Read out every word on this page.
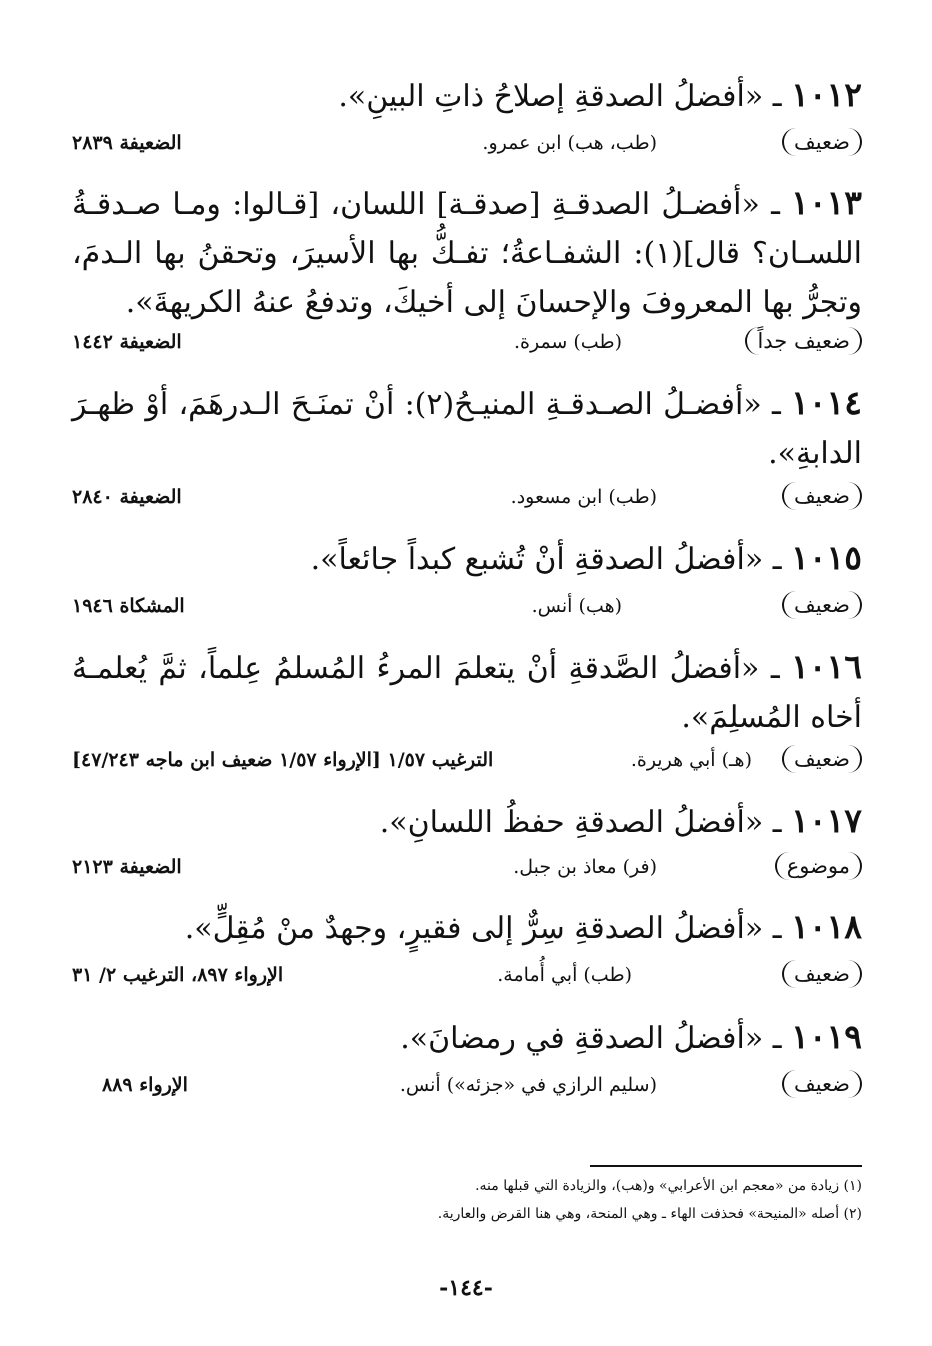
١٠١٢ ـ «أفضلُ الصدقةِ إصلاحُ ذاتِ البينِ».
ضعيف
(طب، هب) ابن عمرو.
الضعيفة ٢٨٣٩
١٠١٣ ـ «أفضـلُ الصدقـةِ [صدقـة] اللسان، [قـالوا: ومـا صـدقـةُ اللسـان؟ قال](١): الشفـاعةُ؛ تفـكُّ بها الأسيرَ، وتحقنُ بها الـدمَ، وتجرُّ بها المعروفَ والإحسانَ إلى أخيكَ، وتدفعُ عنهُ الكريهةَ».
ضعيف جداً
(طب) سمرة.
الضعيفة ١٤٤٢
١٠١٤ ـ «أفضـلُ الصـدقـةِ المنيـحُ(٢): أنْ تمنَـحَ الـدرهَمَ، أوْ ظهـرَ الدابةِ».
ضعيف
(طب) ابن مسعود.
الضعيفة ٢٨٤٠
١٠١٥ ـ «أفضلُ الصدقةِ أنْ تُشبع كبداً جائعاً».
ضعيف
(هب) أنس.
المشكاة ١٩٤٦
١٠١٦ ـ «أفضلُ الصَّدقةِ أنْ يتعلمَ المرءُ المُسلمُ عِلماً، ثمَّ يُعلمـهُ أخاه المُسلِمَ».
ضعيف
(هـ) أبي هريرة.
الترغيب ١/٥٧ [الإرواء ١/٥٧ ضعيف ابن ماجه ٤٧/٢٤٣]
١٠١٧ ـ «أفضلُ الصدقةِ حفظُ اللسانِ».
موضوع
(فر) معاذ بن جبل.
الضعيفة ٢١٢٣
١٠١٨ ـ «أفضلُ الصدقةِ سِرٌّ إلى فقيرٍ، وجهدٌ منْ مُقِلٍّ».
ضعيف
(طب) أبي أُمامة.
الإرواء ٨٩٧، الترغيب ٢/ ٣١
١٠١٩ ـ «أفضلُ الصدقةِ في رمضانَ».
ضعيف
(سليم الرازي في «جزئه») أنس.
الإرواء ٨٨٩
(١) زيادة من «معجم ابن الأعرابي» و(هب)، والزيادة التي قبلها منه.
(٢) أصله «المنيحة» فحذفت الهاء ـ وهي المنحة، وهي هنا القرض والعارية.
-١٤٤-
